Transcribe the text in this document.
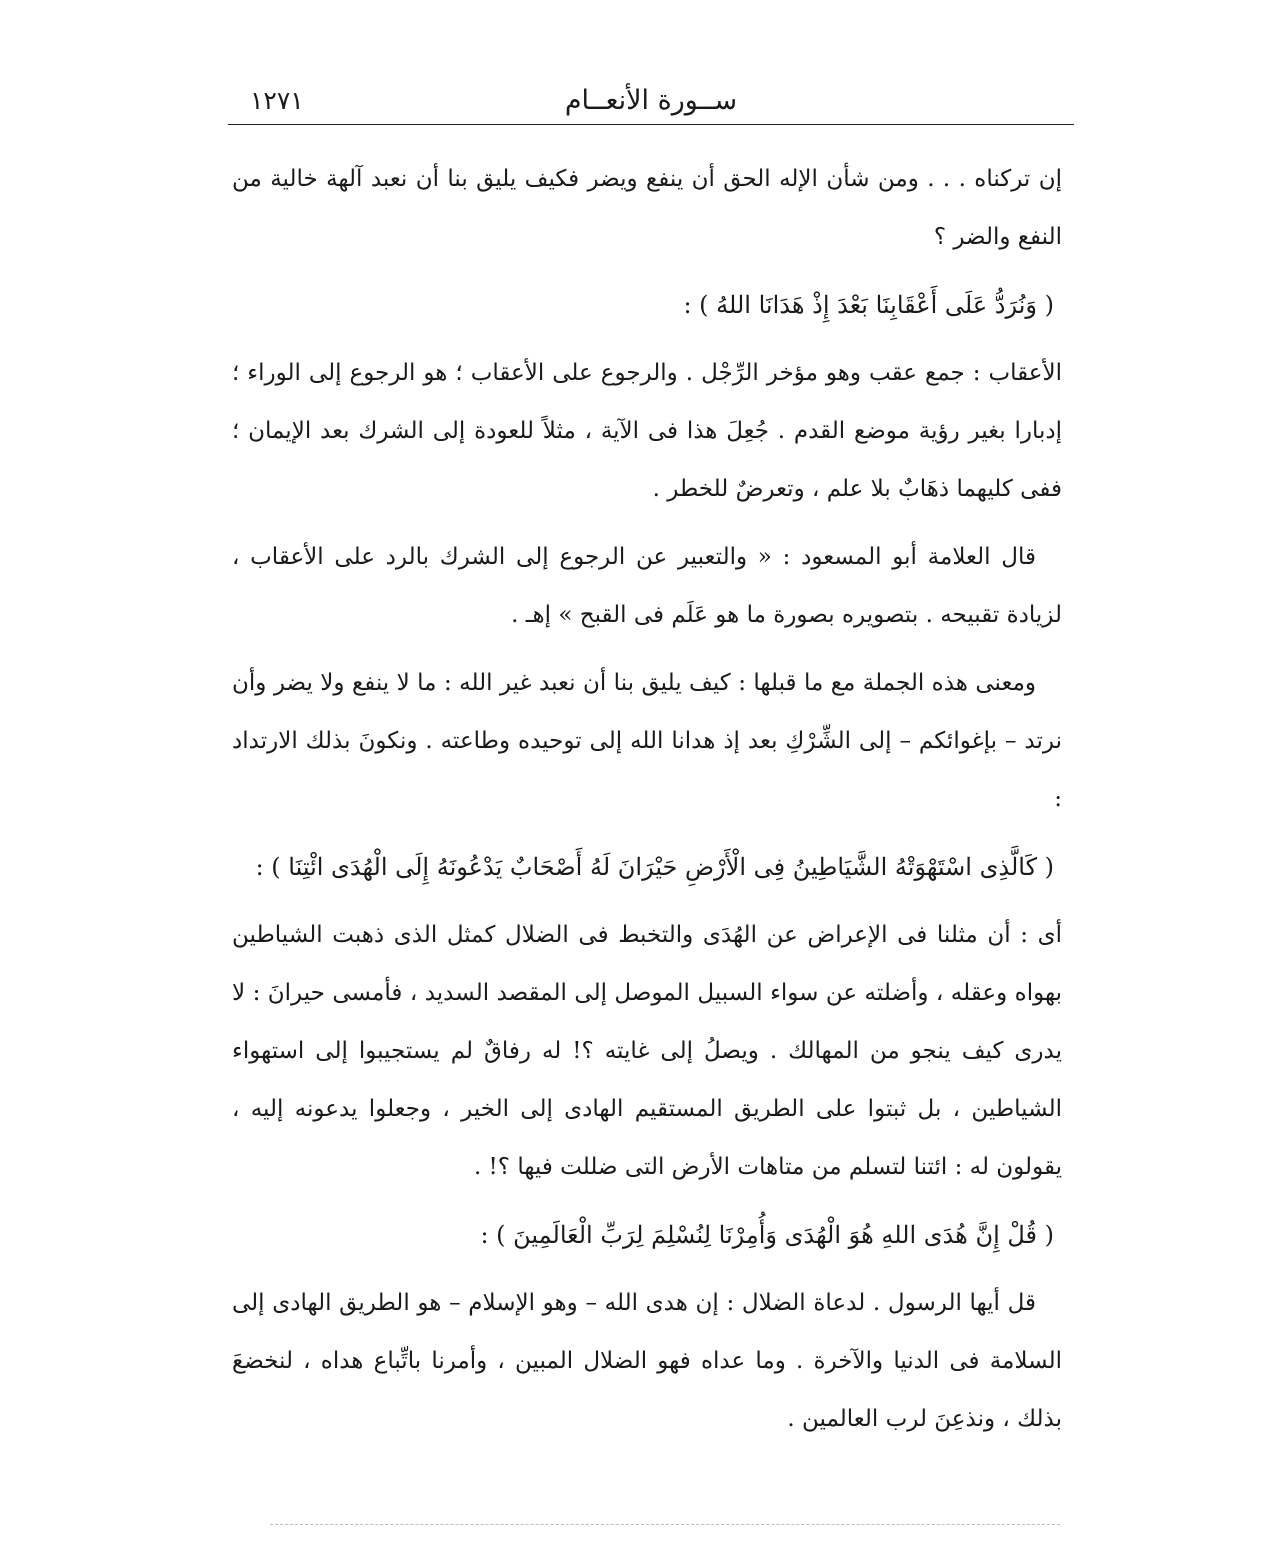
ســورة الأنعــام
١٢٧١

إن تركناه . . . ومن شأن الإله الحق أن ينفع ويضر فكيف يليق بنا أن نعبد آلهة خالية من النفع والضر ؟

( وَنُرَدُّ عَلَى أَعْقَابِنَا بَعْدَ إِذْ هَدَانَا اللهُ ) :

الأعقاب : جمع عقب وهو مؤخر الرِّجْل . والرجوع على الأعقاب ؛ هو الرجوع إلى الوراء ؛ إدبارا بغير رؤية موضع القدم . جُعِلَ هذا فى الآية ، مثلاً للعودة إلى الشرك بعد الإيمان ؛ ففى كليهما ذهَابٌ بلا علم ، وتعرضٌ للخطر .

قال العلامة أبو المسعود : « والتعبير عن الرجوع إلى الشرك بالرد على الأعقاب ، لزيادة تقبيحه . بتصويره بصورة ما هو عَلَم فى القبح » إهـ .

ومعنى هذه الجملة مع ما قبلها : كيف يليق بنا أن نعبد غير الله : ما لا ينفع ولا يضر وأن نرتد – بإغوائكم – إلى الشِّرْكِ بعد إذ هدانا الله إلى توحيده وطاعته . ونكونَ بذلك الارتداد :

( كَالَّذِى اسْتَهْوَتْهُ الشَّيَاطِينُ فِى الْأَرْضِ حَيْرَانَ لَهُ أَصْحَابٌ يَدْعُونَهُ إِلَى الْهُدَى ائْتِنَا ) :

أى : أن مثلنا فى الإعراض عن الهُدَى والتخبط فى الضلال كمثل الذى ذهبت الشياطين بهواه وعقله ، وأضلته عن سواء السبيل الموصل إلى المقصد السديد ، فأمسى حيرانَ : لا يدرى كيف ينجو من المهالك . ويصلُ إلى غايته ؟! له رفاقٌ لم يستجيبوا إلى استهواء الشياطين ، بل ثبتوا على الطريق المستقيم الهادى إلى الخير ، وجعلوا يدعونه إليه ، يقولون له : ائتنا لتسلم من متاهات الأرض التى ضللت فيها ؟! .

( قُلْ إِنَّ هُدَى اللهِ هُوَ الْهُدَى وَأُمِرْنَا لِنُسْلِمَ لِرَبِّ الْعَالَمِينَ ) :

قل أيها الرسول . لدعاة الضلال : إن هدى الله – وهو الإسلام – هو الطريق الهادى إلى السلامة فى الدنيا والآخرة . وما عداه فهو الضلال المبين ، وأمرنا باتِّباع هداه ، لنخضعَ بذلك ، ونذعِنَ لرب العالمين .
